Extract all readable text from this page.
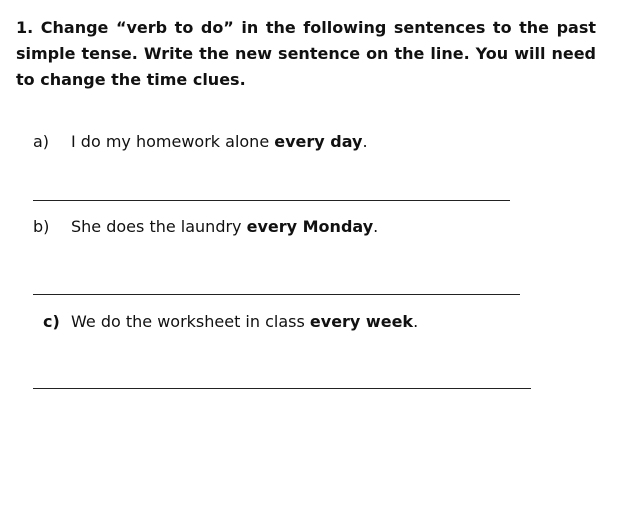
1. Change “verb to do” in the following sentences to the past simple tense. Write the new sentence on the line. You will need to change the time clues.

a) I do my homework alone every day.
b) She does the laundry every Monday.
c) We do the worksheet in class every week.
